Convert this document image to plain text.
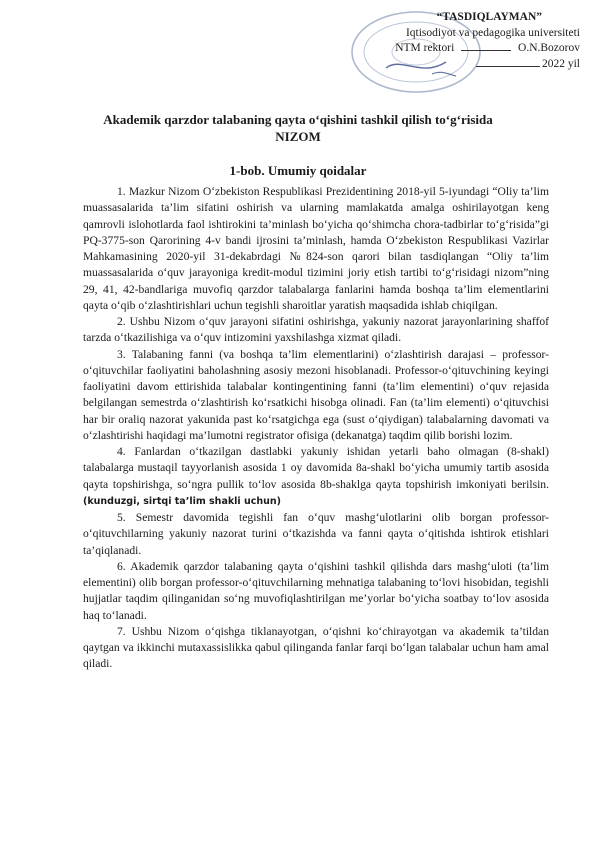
“TASDIQLAYMAN”
Iqtisodiyot va pedagogika universiteti
NTM rektori	O.N.Bozorov
2022 yil
Akademik qarzdor talabaning qayta o‘qishini tashkil qilish to‘g‘risida
NIZOM
1-bob. Umumiy qoidalar

1. Mazkur Nizom O‘zbekiston Respublikasi Prezidentining 2018-yil 5-iyundagi “Oliy ta’lim muassasalarida ta’lim sifatini oshirish va ularning mamlakatda amalga oshirilayotgan keng qamrovli islohotlarda faol ishtirokini ta’minlash bo‘yicha qo‘shimcha chora-tadbirlar to‘g‘risida”gi PQ-3775-son Qarorining 4-v bandi ijrosini ta’minlash, hamda O‘zbekiston Respublikasi Vazirlar Mahkamasining 2020-yil 31-dekabrdagi №824-son qarori bilan tasdiqlangan “Oliy ta’lim muassasalarida o‘quv jarayoniga kredit-modul tizimini joriy etish tartibi to‘g‘risidagi nizom”ning 29, 41, 42-bandlariga muvofiq qarzdor talabalarga fanlarini hamda boshqa ta’lim elementlarini qayta o‘qib o‘zlashtirishlari uchun tegishli sharoitlar yaratish maqsadida ishlab chiqilgan.

2. Ushbu Nizom o‘quv jarayoni sifatini oshirishga, yakuniy nazorat jarayonlarining shaffof tarzda o‘tkazilishiga va o‘quv intizomini yaxshilashga xizmat qiladi.

3. Talabaning fanni (va boshqa ta’lim elementlarini) o‘zlashtirish darajasi – professor-o‘qituvchilar faoliyatini baholashning asosiy mezoni hisoblanadi. Professor-o‘qituvchining keyingi faoliyatini davom ettirishida talabalar kontingentining fanni (ta’lim elementini) o‘quv rejasida belgilangan semestrda o‘zlashtirish ko‘rsatkichi hisobga olinadi. Fan (ta’lim elementi) o‘qituvchisi har bir oraliq nazorat yakunida past ko‘rsatgichga ega (sust o‘qiydigan) talabalarning davomati va o‘zlashtirishi haqidagi ma’lumotni registrator ofisiga (dekanatga) taqdim qilib borishi lozim.

4. Fanlardan o‘tkazilgan dastlabki yakuniy ishidan yetarli baho olmagan (8-shakl) talabalarga mustaqil tayyorlanish asosida 1 oy davomida 8a-shakl bo‘yicha umumiy tartib asosida qayta topshirishga, so‘ngra pullik to‘lov asosida 8b-shaklga qayta topshirish imkoniyati berilsin. (kunduzgi, sirtqi ta’lim shakli uchun)

5. Semestr davomida tegishli fan o‘quv mashg‘ulotlarini olib borgan professor-o‘qituvchilarning yakuniy nazorat turini o‘tkazishda va fanni qayta o‘qitishda ishtirok etishlari ta’qiqlanadi.

6. Akademik qarzdor talabaning qayta o‘qishini tashkil qilishda dars mashg‘uloti (ta’lim elementini) olib borgan professor-o‘qituvchilarning mehnatiga talabaning to‘lovi hisobidan, tegishli hujjatlar taqdim qilinganidan so‘ng muvofiqlashtirilgan me’yorlar bo‘yicha soatbay to‘lov asosida haq to‘lanadi.

7. Ushbu Nizom o‘qishga tiklanayotgan, o‘qishni ko‘chirayotgan va akademik ta’tildan qaytgan va ikkinchi mutaxassislikka qabul qilinganda fanlar farqi bo‘lgan talabalar uchun ham amal qiladi.
